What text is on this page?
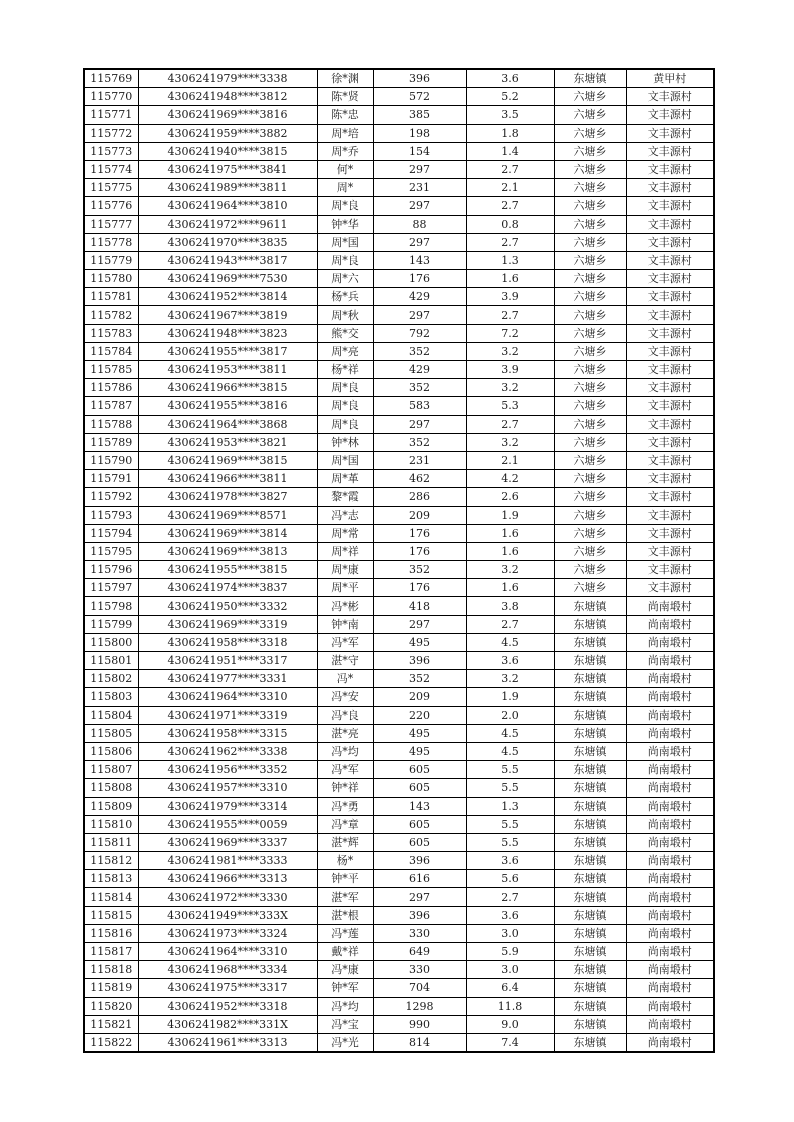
115769	4306241979****3338	徐*渊	396	3.6	东塘镇	黄甲村
115770	4306241948****3812	陈*贤	572	5.2	六塘乡	文丰源村
115771	4306241969****3816	陈*忠	385	3.5	六塘乡	文丰源村
115772	4306241959****3882	周*培	198	1.8	六塘乡	文丰源村
115773	4306241940****3815	周*乔	154	1.4	六塘乡	文丰源村
115774	4306241975****3841	何*	297	2.7	六塘乡	文丰源村
115775	4306241989****3811	周*	231	2.1	六塘乡	文丰源村
115776	4306241964****3810	周*良	297	2.7	六塘乡	文丰源村
115777	4306241972****9611	钟*华	88	0.8	六塘乡	文丰源村
115778	4306241970****3835	周*国	297	2.7	六塘乡	文丰源村
115779	4306241943****3817	周*良	143	1.3	六塘乡	文丰源村
115780	4306241969****7530	周*六	176	1.6	六塘乡	文丰源村
115781	4306241952****3814	杨*兵	429	3.9	六塘乡	文丰源村
115782	4306241967****3819	周*秋	297	2.7	六塘乡	文丰源村
115783	4306241948****3823	熊*交	792	7.2	六塘乡	文丰源村
115784	4306241955****3817	周*亮	352	3.2	六塘乡	文丰源村
115785	4306241953****3811	杨*祥	429	3.9	六塘乡	文丰源村
115786	4306241966****3815	周*良	352	3.2	六塘乡	文丰源村
115787	4306241955****3816	周*良	583	5.3	六塘乡	文丰源村
115788	4306241964****3868	周*良	297	2.7	六塘乡	文丰源村
115789	4306241953****3821	钟*林	352	3.2	六塘乡	文丰源村
115790	4306241969****3815	周*国	231	2.1	六塘乡	文丰源村
115791	4306241966****3811	周*革	462	4.2	六塘乡	文丰源村
115792	4306241978****3827	黎*霞	286	2.6	六塘乡	文丰源村
115793	4306241969****8571	冯*志	209	1.9	六塘乡	文丰源村
115794	4306241969****3814	周*常	176	1.6	六塘乡	文丰源村
115795	4306241969****3813	周*祥	176	1.6	六塘乡	文丰源村
115796	4306241955****3815	周*康	352	3.2	六塘乡	文丰源村
115797	4306241974****3837	周*平	176	1.6	六塘乡	文丰源村
115798	4306241950****3332	冯*彬	418	3.8	东塘镇	尚南塅村
115799	4306241969****3319	钟*南	297	2.7	东塘镇	尚南塅村
115800	4306241958****3318	冯*军	495	4.5	东塘镇	尚南塅村
115801	4306241951****3317	湛*守	396	3.6	东塘镇	尚南塅村
115802	4306241977****3331	冯*	352	3.2	东塘镇	尚南塅村
115803	4306241964****3310	冯*安	209	1.9	东塘镇	尚南塅村
115804	4306241971****3319	冯*良	220	2.0	东塘镇	尚南塅村
115805	4306241958****3315	湛*亮	495	4.5	东塘镇	尚南塅村
115806	4306241962****3338	冯*均	495	4.5	东塘镇	尚南塅村
115807	4306241956****3352	冯*军	605	5.5	东塘镇	尚南塅村
115808	4306241957****3310	钟*祥	605	5.5	东塘镇	尚南塅村
115809	4306241979****3314	冯*勇	143	1.3	东塘镇	尚南塅村
115810	4306241955****0059	冯*章	605	5.5	东塘镇	尚南塅村
115811	4306241969****3337	湛*辉	605	5.5	东塘镇	尚南塅村
115812	4306241981****3333	杨*	396	3.6	东塘镇	尚南塅村
115813	4306241966****3313	钟*平	616	5.6	东塘镇	尚南塅村
115814	4306241972****3330	湛*军	297	2.7	东塘镇	尚南塅村
115815	4306241949****333X	湛*根	396	3.6	东塘镇	尚南塅村
115816	4306241973****3324	冯*莲	330	3.0	东塘镇	尚南塅村
115817	4306241964****3310	戴*祥	649	5.9	东塘镇	尚南塅村
115818	4306241968****3334	冯*康	330	3.0	东塘镇	尚南塅村
115819	4306241975****3317	钟*军	704	6.4	东塘镇	尚南塅村
115820	4306241952****3318	冯*均	1298	11.8	东塘镇	尚南塅村
115821	4306241982****331X	冯*宝	990	9.0	东塘镇	尚南塅村
115822	4306241961****3313	冯*光	814	7.4	东塘镇	尚南塅村
